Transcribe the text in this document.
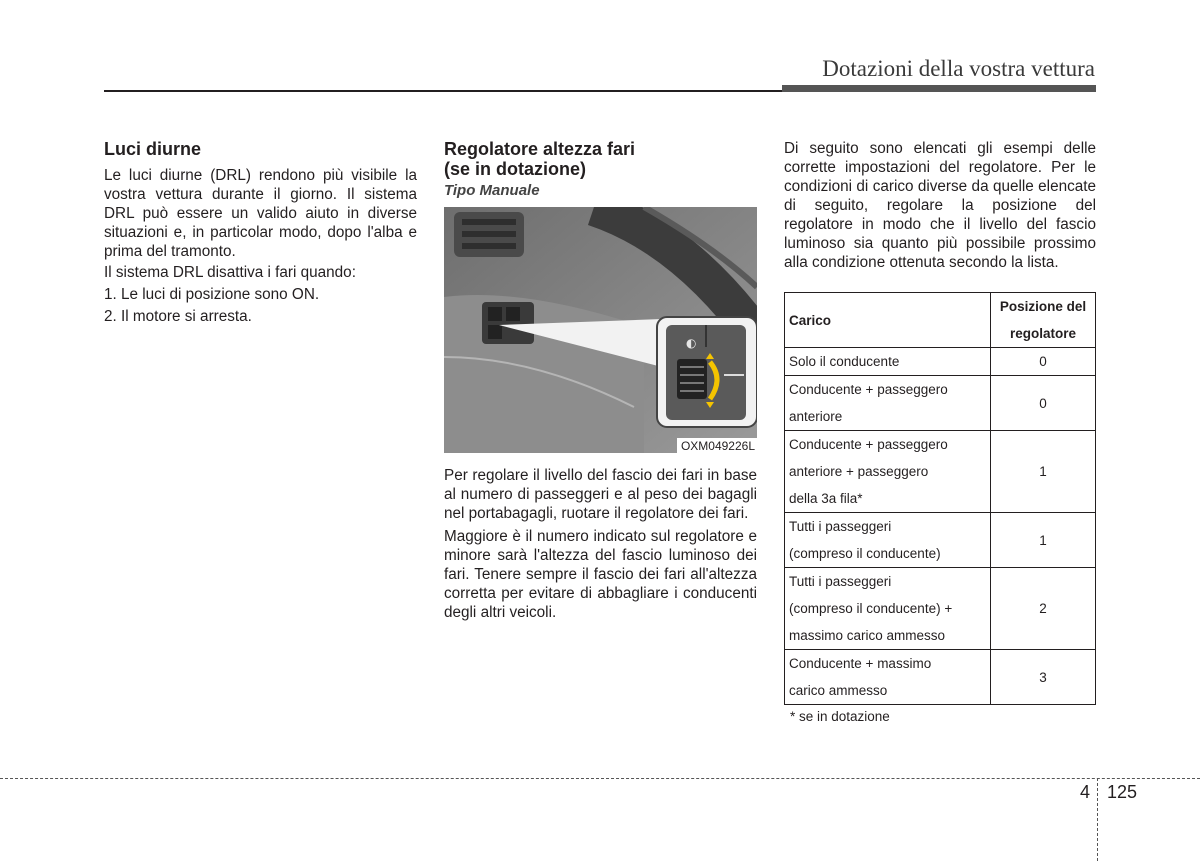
Dotazioni della vostra vettura
Luci diurne

Le luci diurne (DRL) rendono più visibile la vostra vettura durante il giorno. Il sistema DRL può essere un valido aiuto in diverse situazioni e, in particolar modo, dopo l'alba e prima del tramonto.

Il sistema DRL disattiva i fari quando:

1. Le luci di posizione sono ON.

2. Il motore si arresta.

Regolatore altezza fari
(se in dotazione)
Tipo Manuale
◐
OXM049226L

Per regolare il livello del fascio dei fari in base al numero di passeggeri e al peso dei bagagli nel portabagagli, ruotare il regolatore dei fari.

Maggiore è il numero indicato sul regolatore e minore sarà l'altezza del fascio luminoso dei fari. Tenere sempre il fascio dei fari all'altezza corretta per evitare di abbagliare i conducenti degli altri veicoli.

Di seguito sono elencati gli esempi delle corrette impostazioni del regolatore. Per le condizioni di carico diverse da quelle elencate di seguito, regolare la posizione del regolatore in modo che il livello del fascio luminoso sia quanto più possibile prossimo alla condizione ottenuta secondo la lista.

Carico	Posizione del
regolatore
Solo il conducente	0
Conducente + passeggero
anteriore	0
Conducente + passeggero
anteriore + passeggero
della 3a fila*	1
Tutti i passeggeri
(compreso il conducente)	1
Tutti i passeggeri
(compreso il conducente) +
massimo carico ammesso	2
Conducente + massimo
carico ammesso	3
* se in dotazione
4 125
